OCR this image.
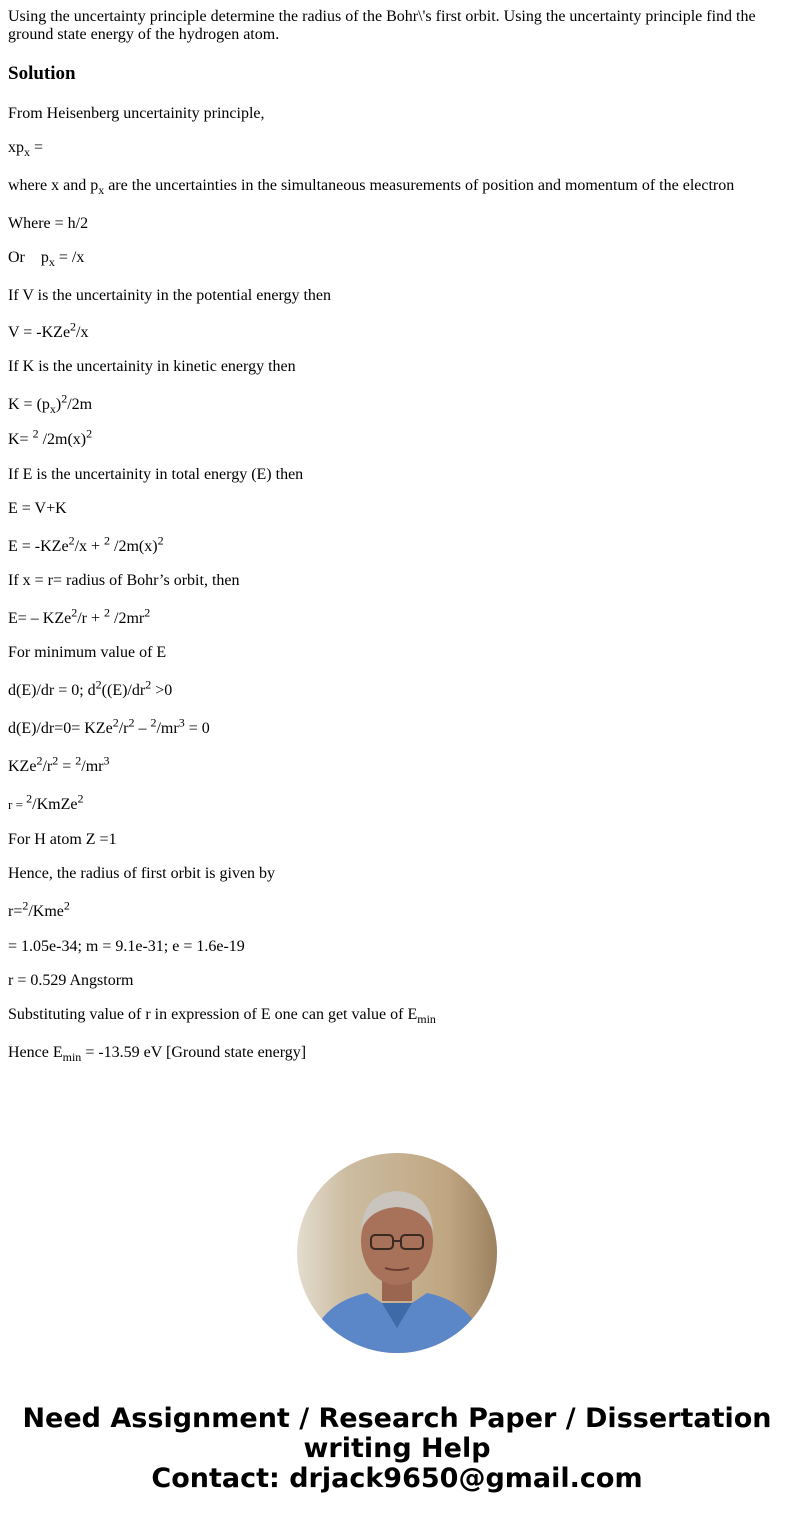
Using the uncertainty principle determine the radius of the Bohr\'s first orbit. Using the uncertainty principle find the ground state energy of the hydrogen atom.

Solution

From Heisenberg uncertainity principle,

$xp_x$ =

where x and $p_x$ are the uncertainties in the simultaneous measurements of position and momentum of the electron

Where = h/2

Or    $p_x = /x$

If V is the uncertainity in the potential energy then

V = -KZe$^2$/x

If K is the uncertainity in kinetic energy then

$K = (p_x)^2/2m$

K= $^2$ $/2m(x)^2$

If E is the uncertainity in total energy (E) then

E = V+K

E = -KZe$^2$/x + $^2$ $/2m(x)^2$

If x = r= radius of Bohr’s orbit, then

E= – KZe$^2$/r + $^2$ $/2mr^2$

For minimum value of E

d(E)/dr = 0; $d^2((E)/dr^2 >0$

$d(E)/dr=0= KZe^2/r^2 - ^2/mr^3 = 0$

$KZe^2/r^2 = ^2/mr^3$

r = $^2$/KmZe$^2$

For H atom Z =1

Hence, the radius of first orbit is given by

r=$^2$/Kme$^2$

= 1.05e-34; m = 9.1e-31; e = 1.6e-19

r = 0.529 Angstorm

Substituting value of r in expression of E one can get value of $E_{min}$

Hence $E_{min} = -13.59$ eV [Ground state energy]

Need Assignment / Research Paper / Dissertation
writing Help
Contact: drjack9650@gmail.com
